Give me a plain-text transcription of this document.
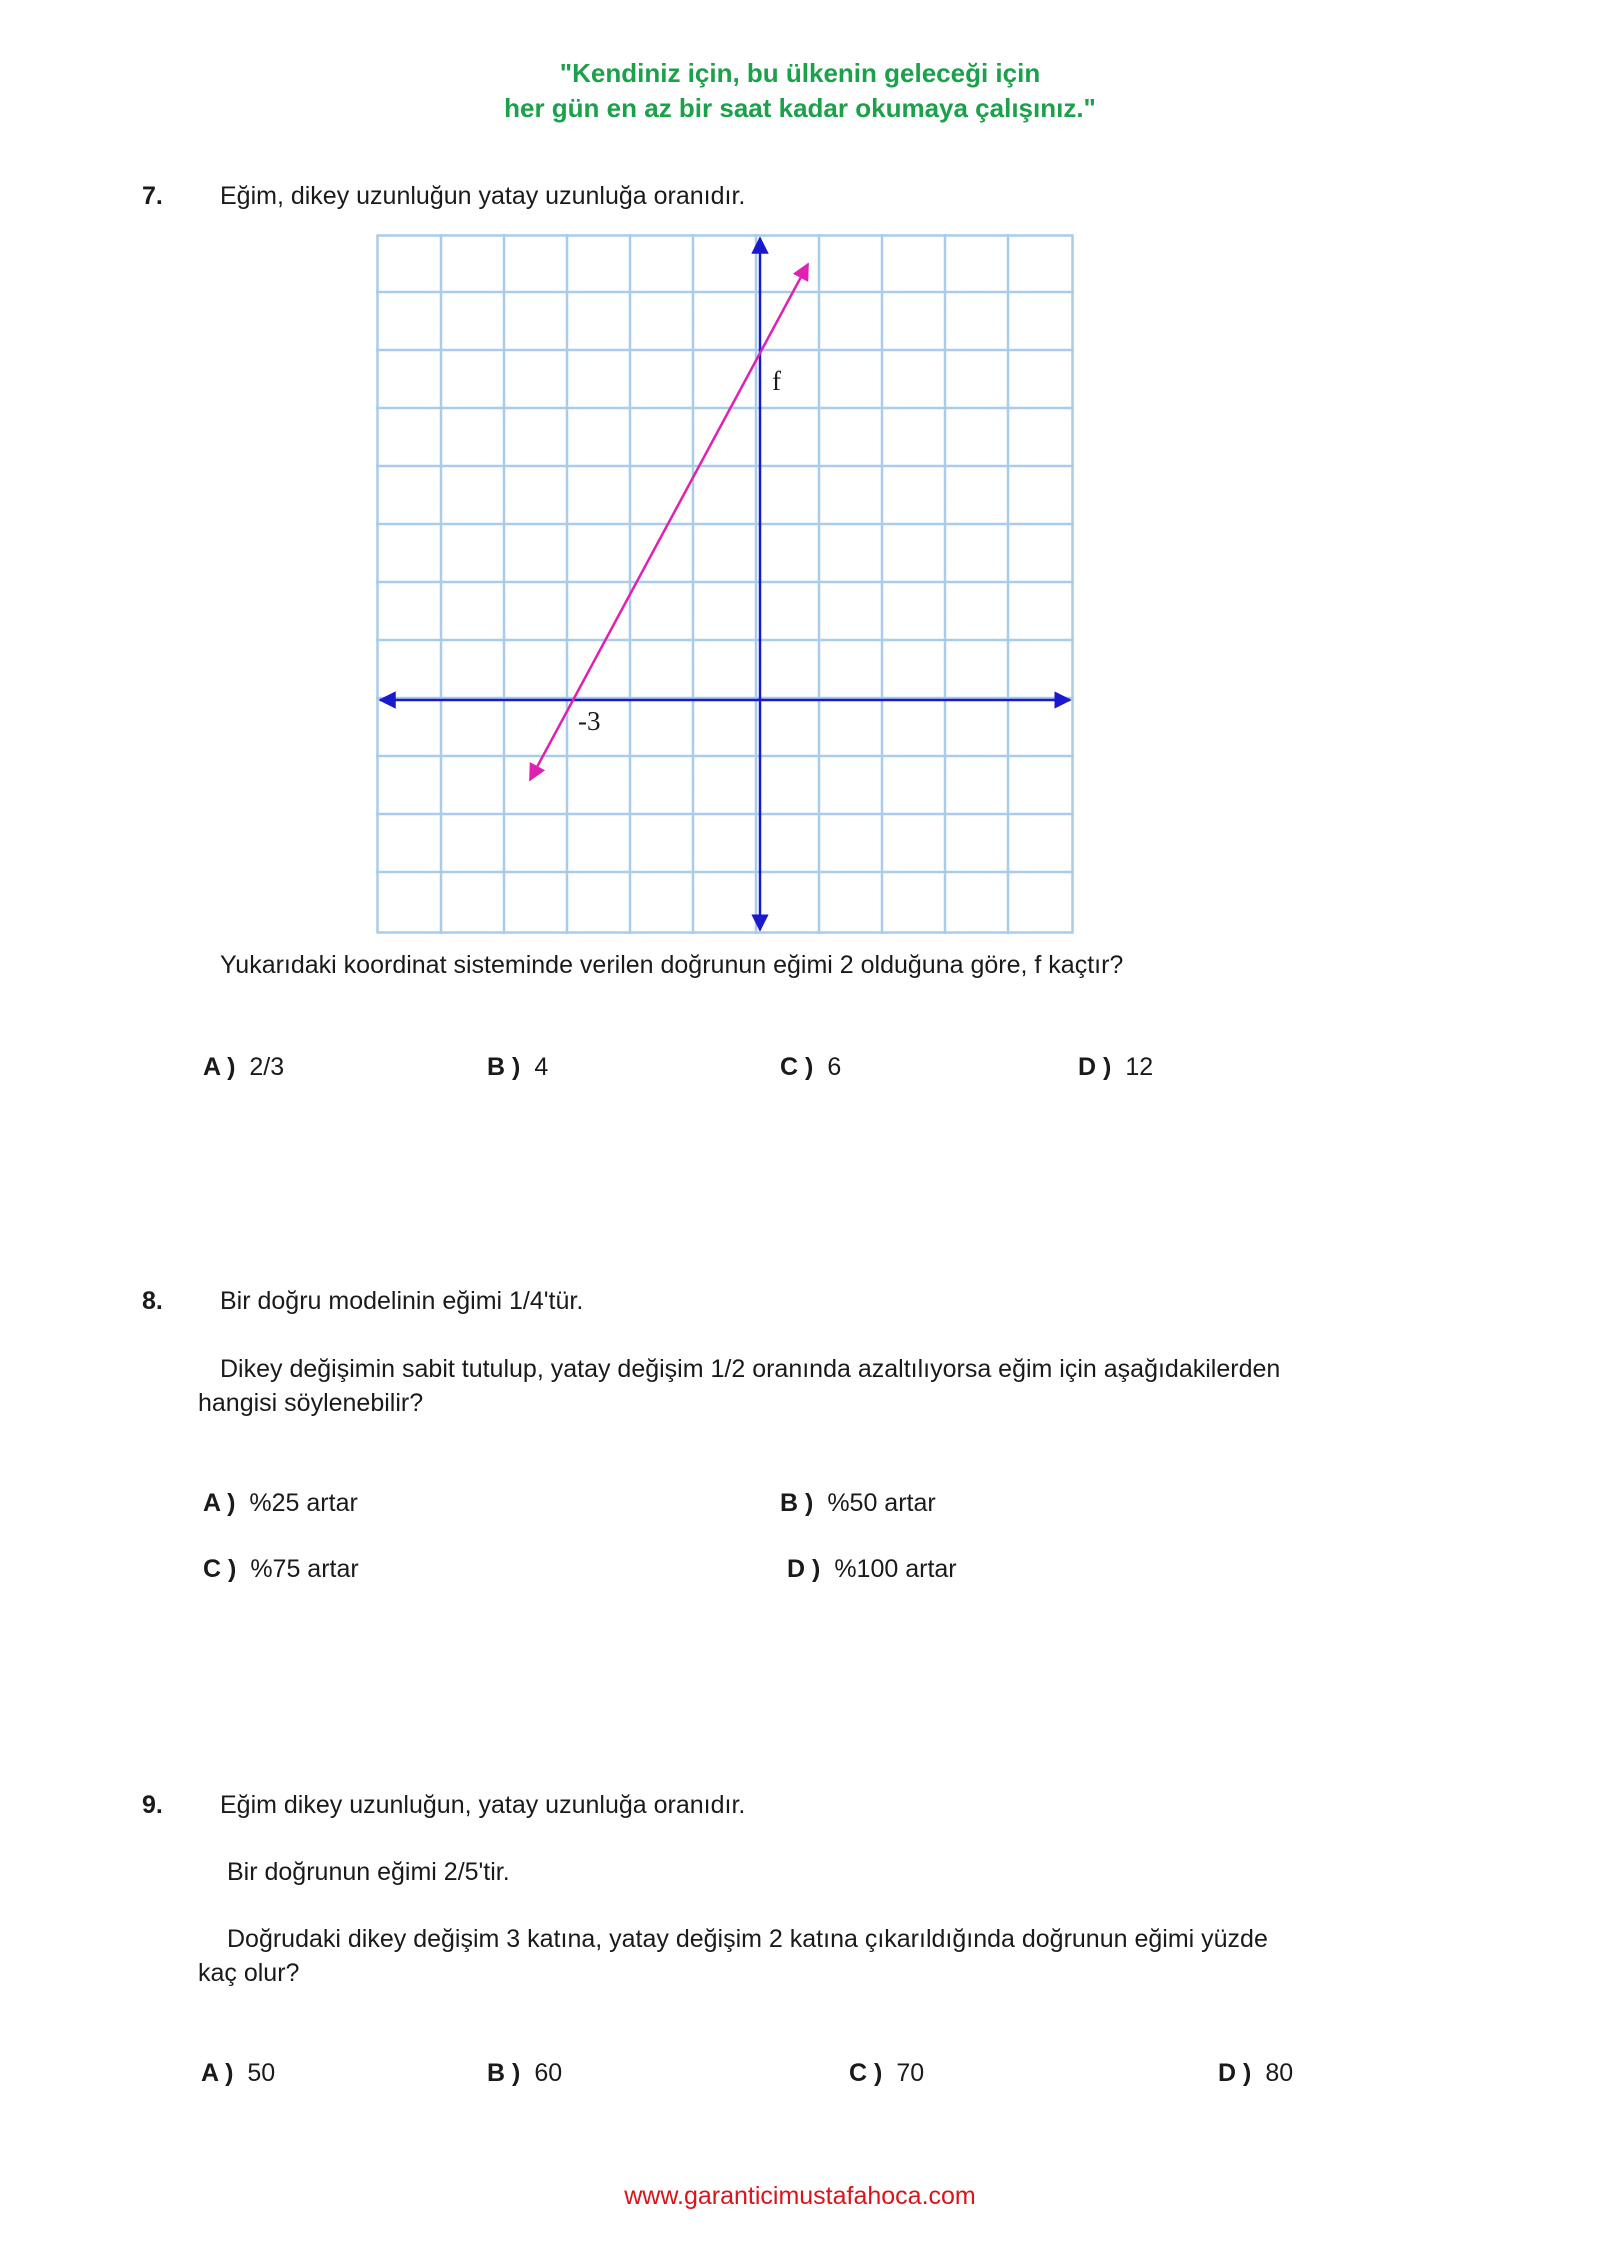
"Kendiniz için, bu ülkenin geleceği için
her gün en az bir saat kadar okumaya çalışınız."
7. Eğim, dikey uzunluğun yatay uzunluğa oranıdır.
f
-3
Yukarıdaki koordinat sisteminde verilen doğrunun eğimi 2 olduğuna göre, f kaçtır?
A ) 2/3	B ) 4	C ) 6	D ) 12
8. Bir doğru modelinin eğimi 1/4'tür.
Dikey değişimin sabit tutulup, yatay değişim 1/2 oranında azaltılıyorsa eğim için aşağıdakilerden
hangisi söylenebilir?
A ) %25 artar	B ) %50 artar
C ) %75 artar	D ) %100 artar
9. Eğim dikey uzunluğun, yatay uzunluğa oranıdır.
Bir doğrunun eğimi 2/5'tir.
Doğrudaki dikey değişim 3 katına, yatay değişim 2 katına çıkarıldığında doğrunun eğimi yüzde
kaç olur?
A ) 50	B ) 60	C ) 70	D ) 80
www.garanticimustafahoca.com
